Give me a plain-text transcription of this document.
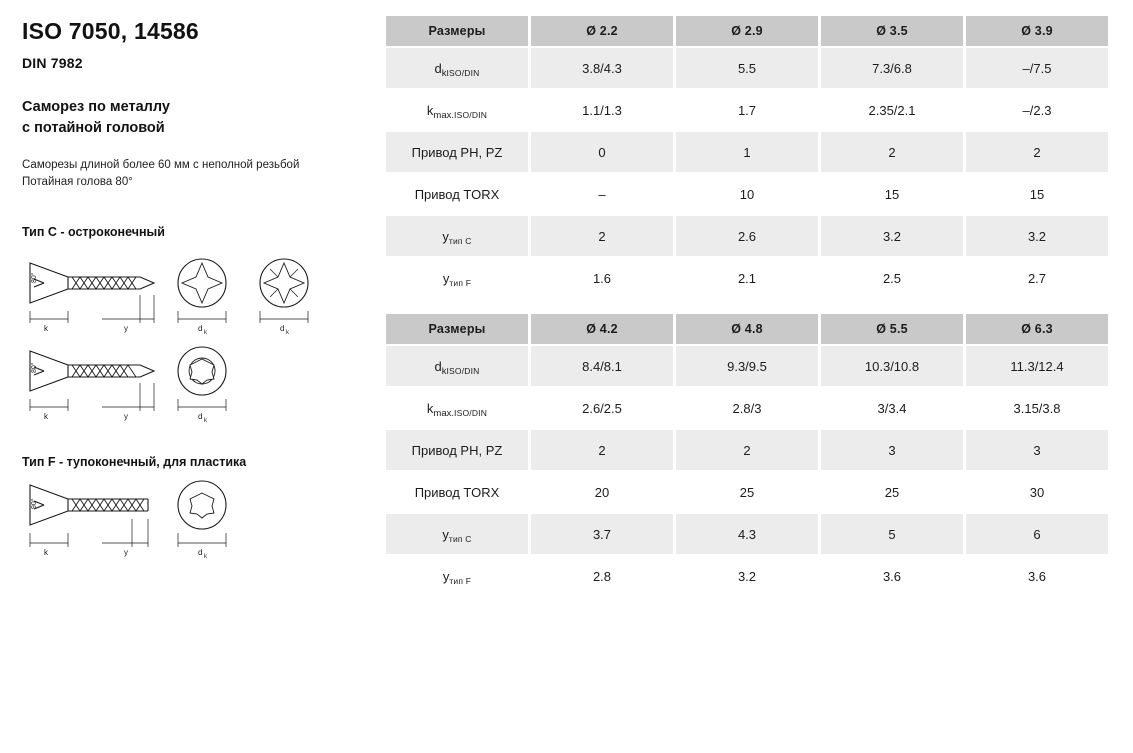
ISO 7050, 14586
DIN 7982
Саморез по металлу
с потайной головой
Саморезы длиной более 60 мм с неполной резьбой
Потайная голова 80°
Тип C - остроконечный
k	y	d k	d k
80°
k	y	d k
80°
Тип F - тупоконечный, для пластика
k	y	d k
90°
Размеры	Ø 2.2	Ø 2.9	Ø 3.5	Ø 3.9
$d_{kISO/DIN}$	3.8/4.3	5.5	7.3/6.8	–/7.5
$k_{max.ISO/DIN}$	1.1/1.3	1.7	2.35/2.1	–/2.3
Привод PH, PZ	0	1	2	2
Привод TORX	–	10	15	15
$y_{тип C}$	2	2.6	3.2	3.2
$y_{тип F}$	1.6	2.1	2.5	2.7
Размеры	Ø 4.2	Ø 4.8	Ø 5.5	Ø 6.3
$d_{kISO/DIN}$	8.4/8.1	9.3/9.5	10.3/10.8	11.3/12.4
$k_{max.ISO/DIN}$	2.6/2.5	2.8/3	3/3.4	3.15/3.8
Привод PH, PZ	2	2	3	3
Привод TORX	20	25	25	30
$y_{тип C}$	3.7	4.3	5	6
$y_{тип F}$	2.8	3.2	3.6	3.6
